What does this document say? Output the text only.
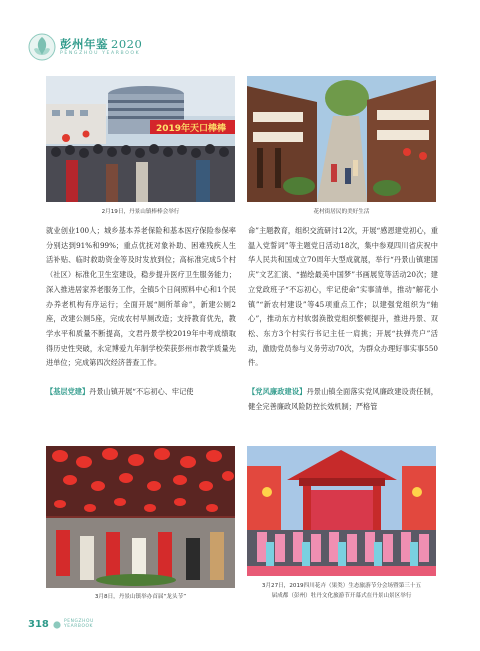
彭州年鉴 2020
PENGZHOU YEARBOOK
2019年天口棒棒
2月19日，丹景山镇棒棒会举行	花村街居民的美好生活

就业创业100人；城乡基本养老保险和基本医疗保险参保率分别达到91%和99%；重点优抚对象补助、困难残疾人生活补贴、临时救助资金等及时发放到位；高标准完成5个村（社区）标准化卫生室建设，稳步提升医疗卫生服务能力；深入推进居家养老服务工作，全镇5个日间照料中心和1个民办养老机构有序运行；全面开展“厕所革命”，新建公厕2座，改建公厕5座，完成农村旱厕改造；支持教育优先，教学水平和质量不断提高，文君丹景学校2019年中考成绩取得历史性突破，永定博爱九年制学校荣获彭州市教学质量先进单位；完成第四次经济普查工作。

【基层党建】丹景山镇开展“不忘初心、牢记使

命”主题教育，组织交流研讨12次，开展“感恩建党初心，重温入党誓词”等主题党日活动18次，集中参观四川省庆祝中华人民共和国成立70周年大型成就展，举行“丹景山镇建国庆”文艺汇演、“描绘最美中国梦”书画展览等活动20次；建立党政班子“不忘初心，牢记使命”实事清单，推动“解花小镇”“新农村建设”等45项重点工作；以建强党组织为“轴心”，推动东方村软弱涣散党组织整顿提升，推进丹景、双松、东方3个村实行书记主任一肩挑；开展“扶弹壳户”活动，激励党员参与义务劳动70次，为群众办理好事实事550件。

【党风廉政建设】丹景山镇全面落实党风廉政建设责任制，健全完善廉政风险防控长效机制；严格管

3月8日，丹景山镇举办首届“龙头节”
3月27日，2019四川花卉（果类）生态旅游节分会场暨第三十五
届成都（彭州）牡丹文化旅游节开幕式在丹景山景区举行
318	PENGZHOU
YEARBOOK
